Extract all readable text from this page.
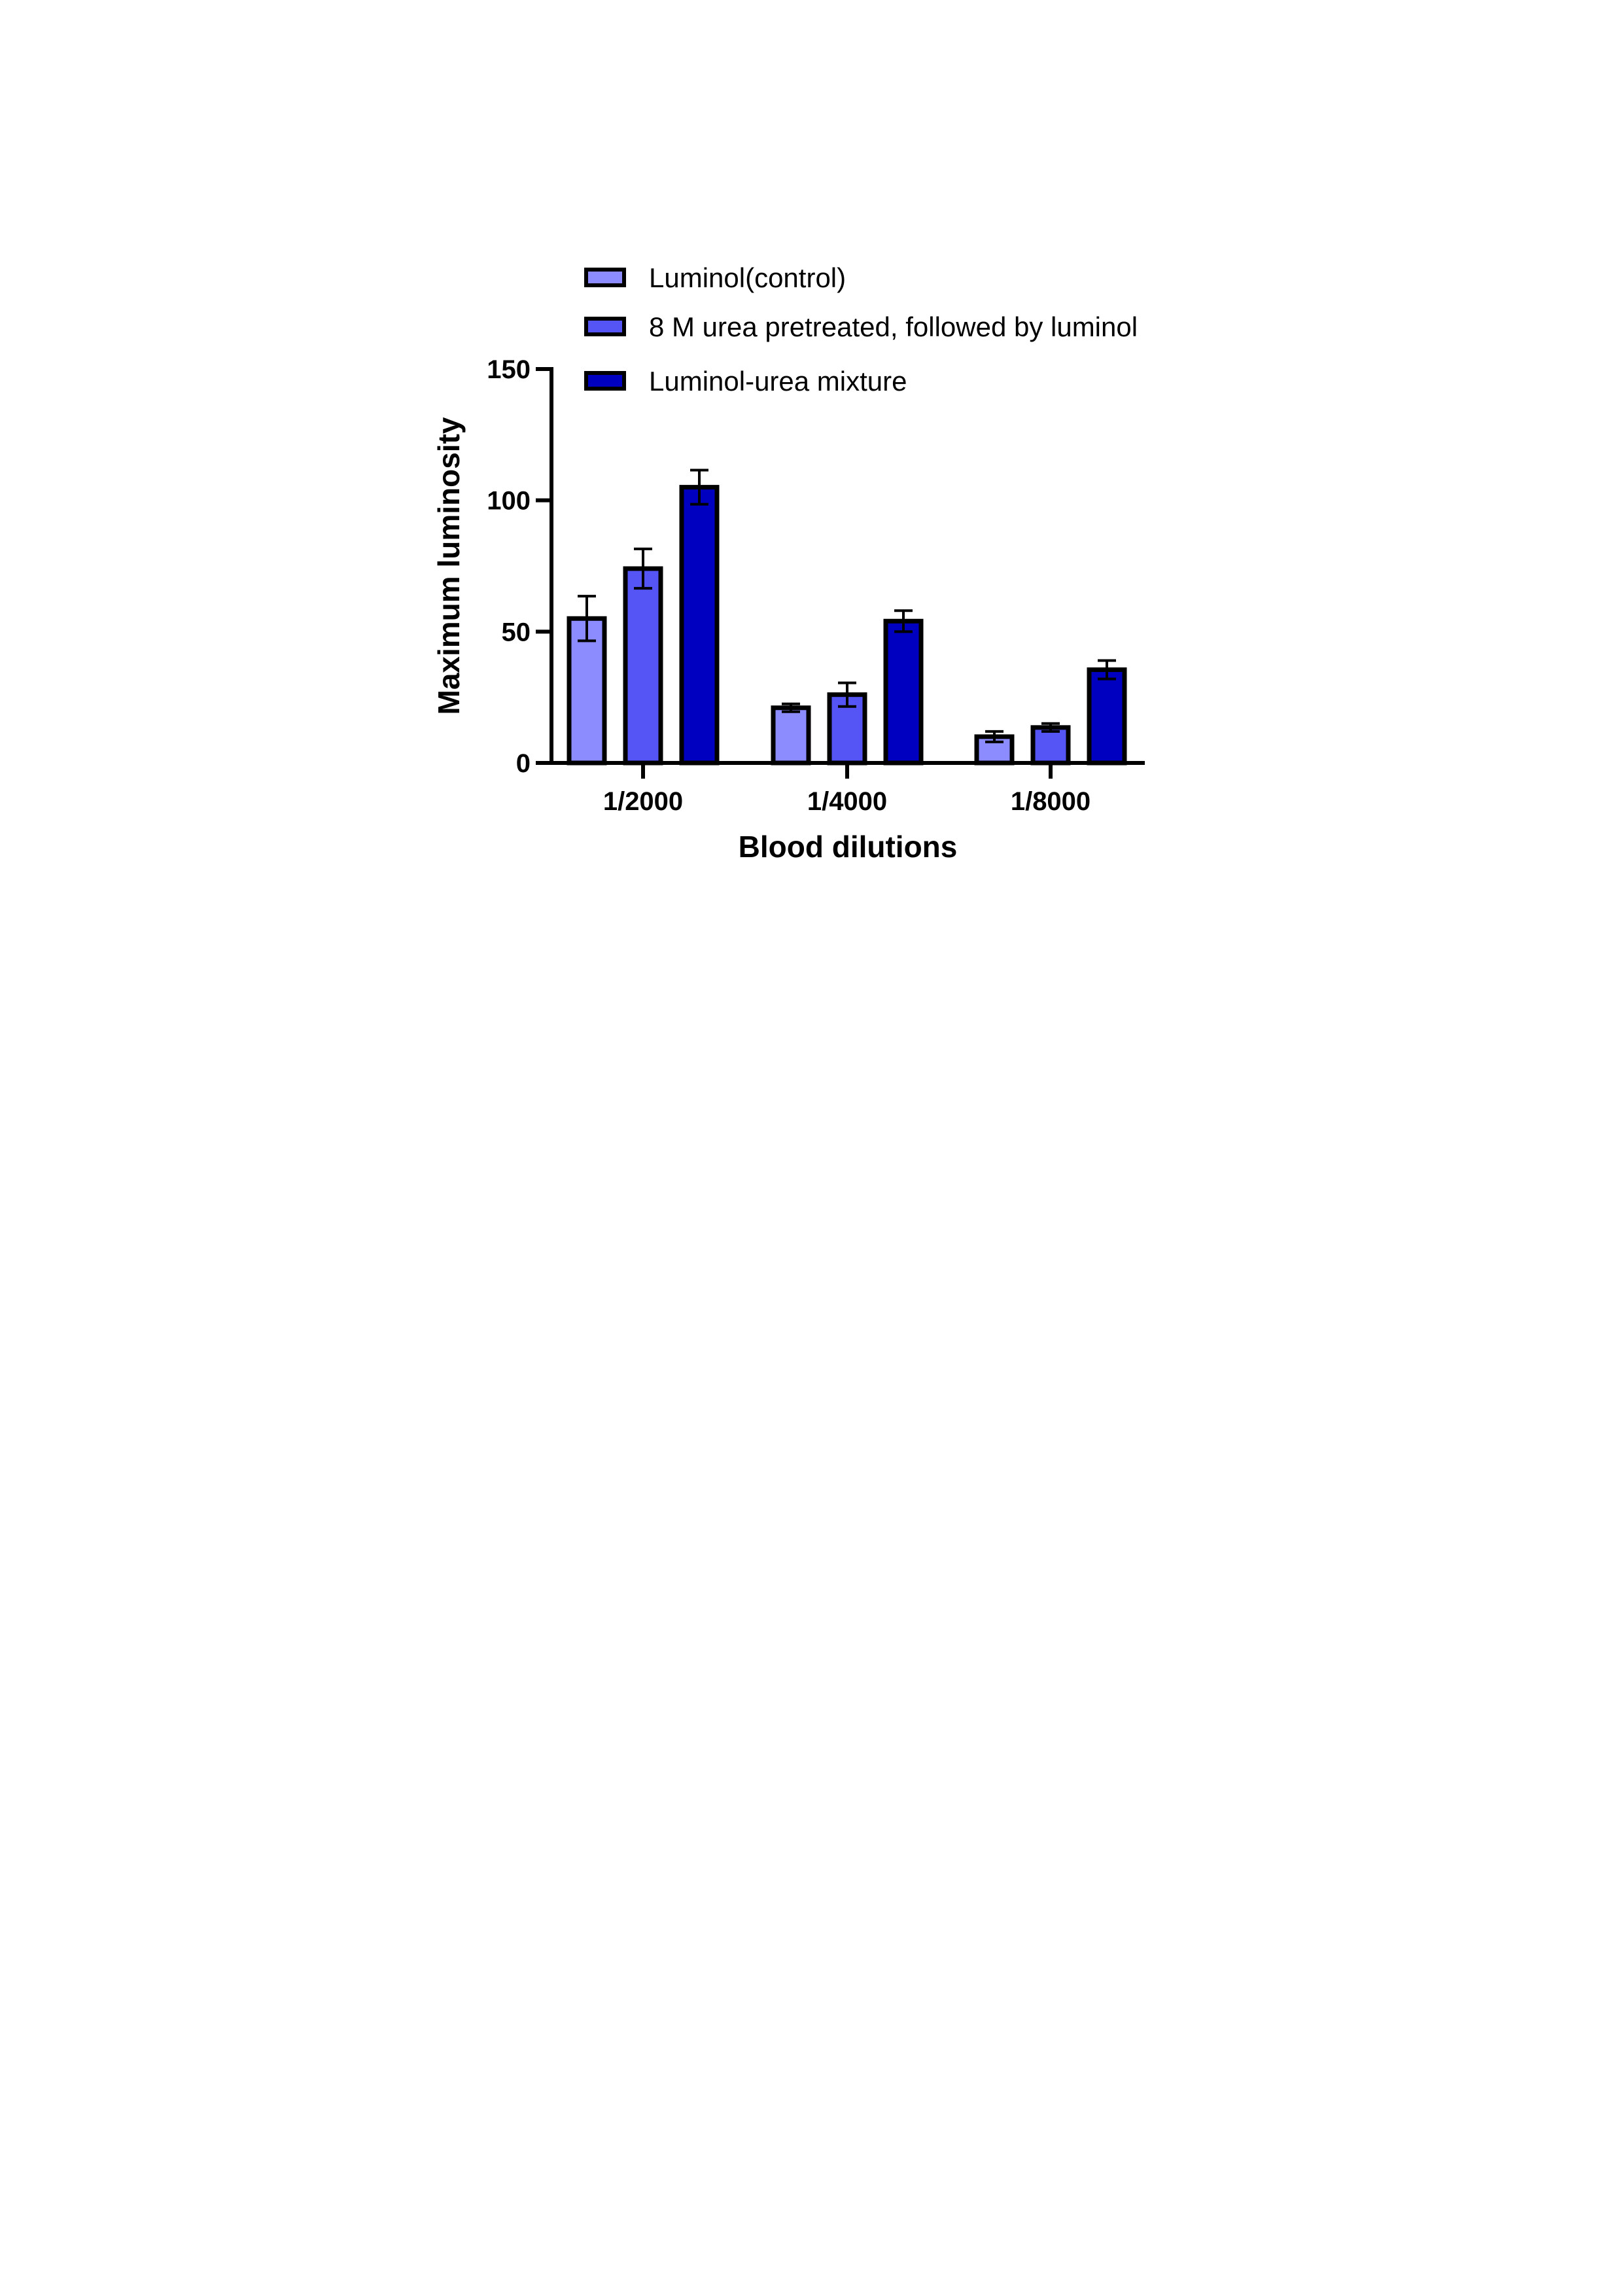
Luminol(control)
8 M urea pretreated, followed by luminol
Luminol-urea mixture
0
50
100
150
1/2000	1/4000	1/8000
Maximum luminosity
Blood dilutions
